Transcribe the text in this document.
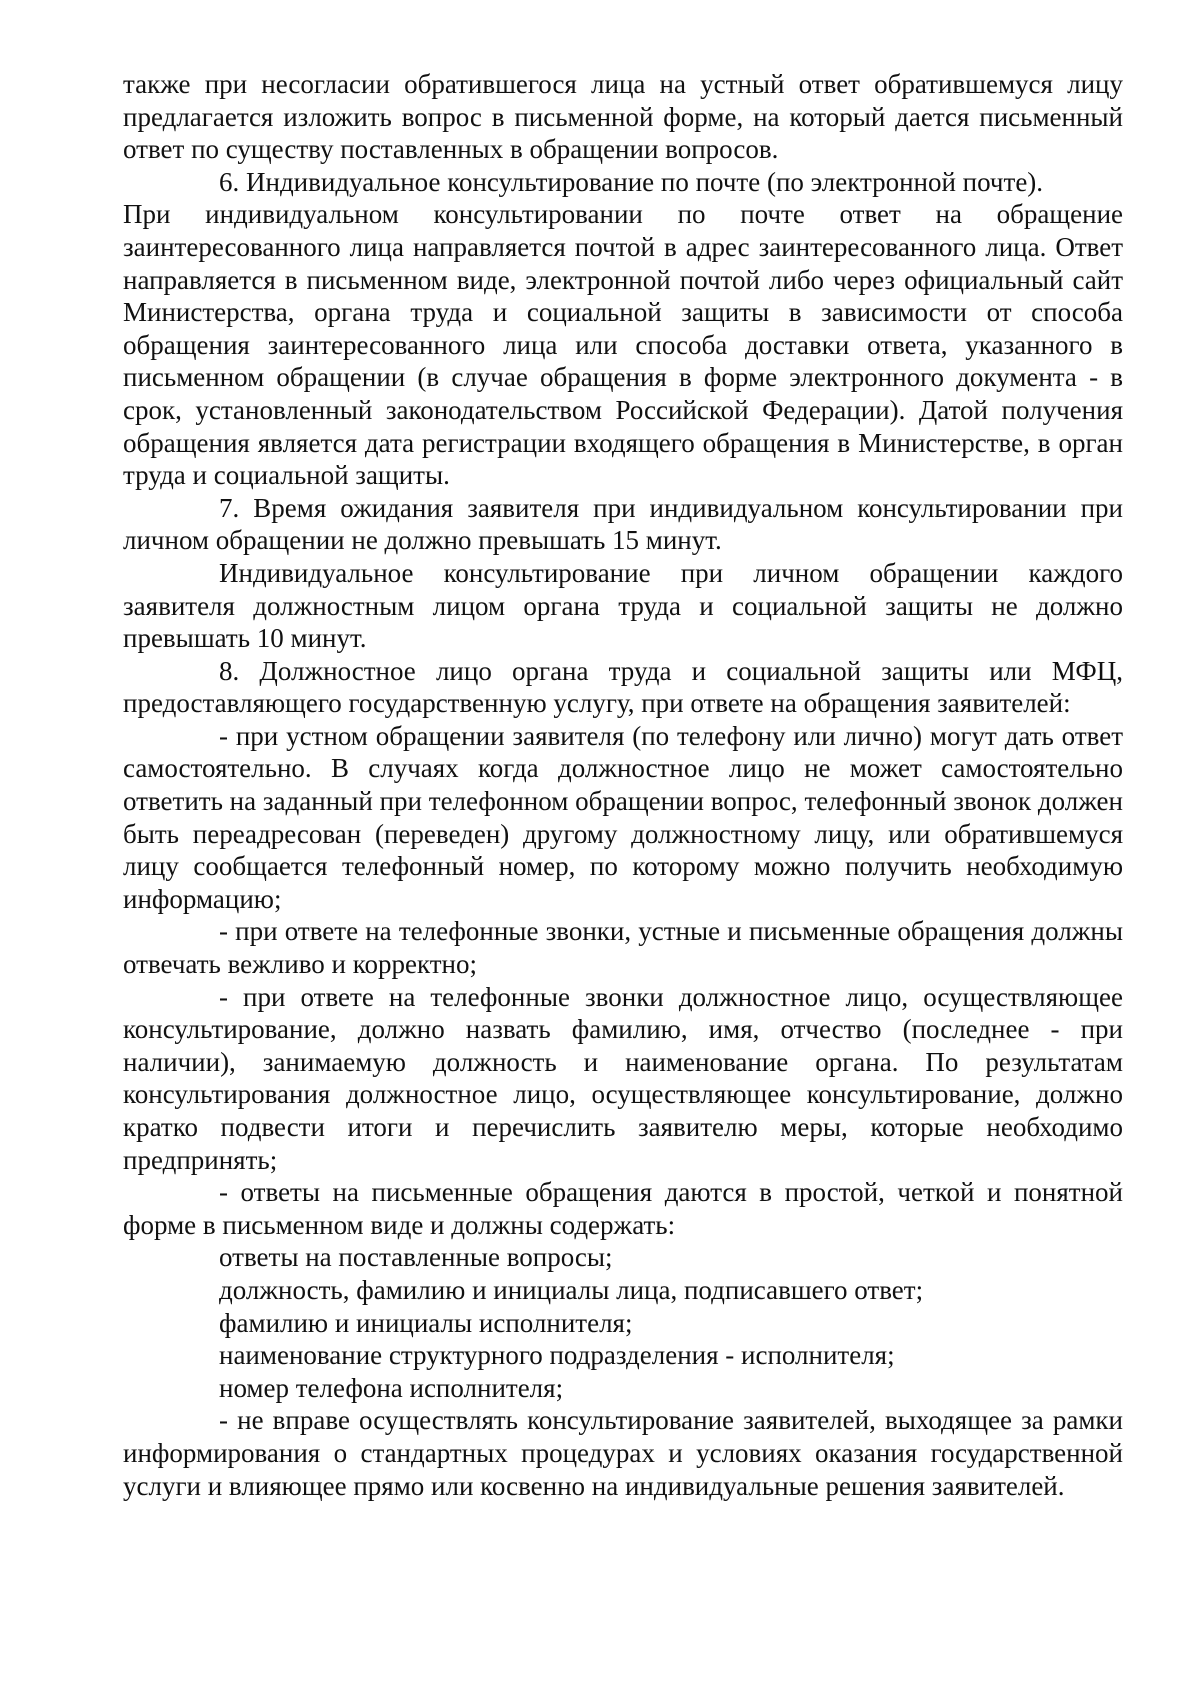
также при несогласии обратившегося лица на устный ответ обратившемуся лицу предлагается изложить вопрос в письменной форме, на который дается письменный ответ по существу поставленных в обращении вопросов.

6. Индивидуальное консультирование по почте (по электронной почте).

При индивидуальном консультировании по почте ответ на обращение заинтересованного лица направляется почтой в адрес заинтересованного лица. Ответ направляется в письменном виде, электронной почтой либо через официальный сайт Министерства, органа труда и социальной защиты в зависимости от способа обращения заинтересованного лица или способа доставки ответа, указанного в письменном обращении (в случае обращения в форме электронного документа - в срок, установленный законодательством Российской Федерации). Датой получения обращения является дата регистрации входящего обращения в Министерстве, в орган труда и социальной защиты.

7. Время ожидания заявителя при индивидуальном консультировании при личном обращении не должно превышать 15 минут.

Индивидуальное консультирование при личном обращении каждого заявителя должностным лицом органа труда и социальной защиты не должно превышать 10 минут.

8. Должностное лицо органа труда и социальной защиты или МФЦ, предоставляющего государственную услугу, при ответе на обращения заявителей:

- при устном обращении заявителя (по телефону или лично) могут дать ответ самостоятельно. В случаях когда должностное лицо не может самостоятельно ответить на заданный при телефонном обращении вопрос, телефонный звонок должен быть переадресован (переведен) другому должностному лицу, или обратившемуся лицу сообщается телефонный номер, по которому можно получить необходимую информацию;

- при ответе на телефонные звонки, устные и письменные обращения должны отвечать вежливо и корректно;

- при ответе на телефонные звонки должностное лицо, осуществляющее консультирование, должно назвать фамилию, имя, отчество (последнее - при наличии), занимаемую должность и наименование органа. По результатам консультирования должностное лицо, осуществляющее консультирование, должно кратко подвести итоги и перечислить заявителю меры, которые необходимо предпринять;

- ответы на письменные обращения даются в простой, четкой и понятной форме в письменном виде и должны содержать:

ответы на поставленные вопросы;

должность, фамилию и инициалы лица, подписавшего ответ;

фамилию и инициалы исполнителя;

наименование структурного подразделения - исполнителя;

номер телефона исполнителя;

- не вправе осуществлять консультирование заявителей, выходящее за рамки информирования о стандартных процедурах и условиях оказания государственной услуги и влияющее прямо или косвенно на индивидуальные решения заявителей.
